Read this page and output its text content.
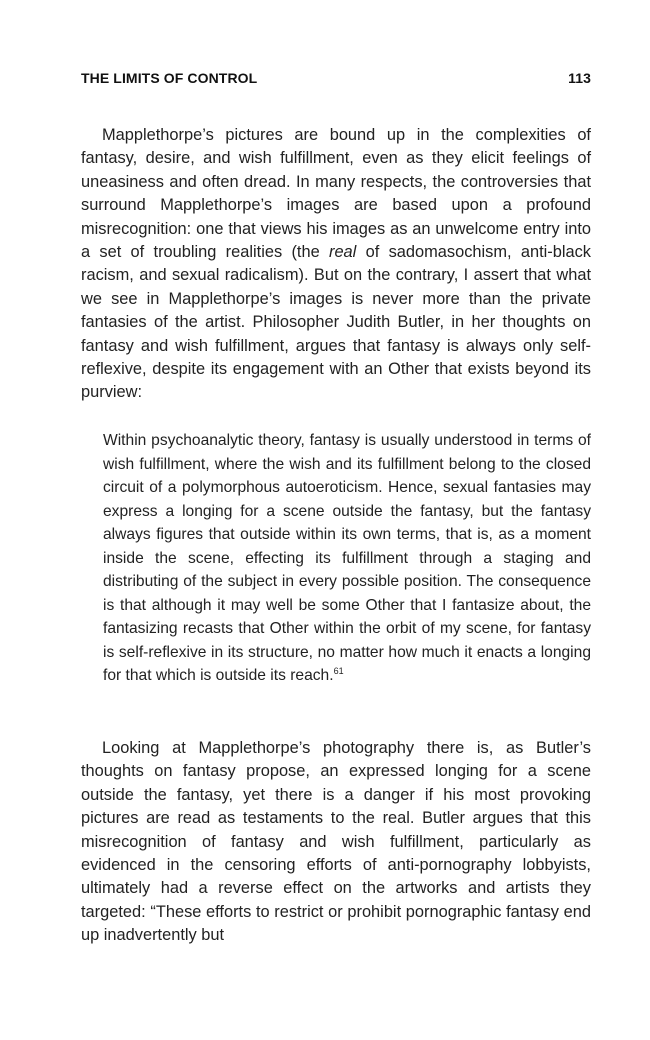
THE LIMITS OF CONTROL	113

Mapplethorpe’s pictures are bound up in the complexities of fantasy, desire, and wish fulfillment, even as they elicit feelings of uneasiness and often dread. In many respects, the controversies that surround Mapplethorpe’s images are based upon a profound misrecognition: one that views his images as an unwelcome entry into a set of troubling realities (the real of sadomasochism, anti-black racism, and sexual radicalism). But on the contrary, I assert that what we see in Mapplethorpe’s images is never more than the private fantasies of the artist. Philosopher Judith Butler, in her thoughts on fantasy and wish fulfillment, argues that fantasy is always only self-reflexive, despite its engagement with an Other that exists beyond its purview:

Within psychoanalytic theory, fantasy is usually understood in terms of wish fulfillment, where the wish and its fulfillment belong to the closed circuit of a polymorphous autoeroticism. Hence, sexual fantasies may express a longing for a scene outside the fantasy, but the fantasy always figures that outside within its own terms, that is, as a moment inside the scene, effecting its fulfillment through a staging and distributing of the subject in every possible position. The consequence is that although it may well be some Other that I fantasize about, the fantasizing recasts that Other within the orbit of my scene, for fantasy is self-reflexive in its structure, no matter how much it enacts a longing for that which is outside its reach.$^{61}$

Looking at Mapplethorpe’s photography there is, as Butler’s thoughts on fantasy propose, an expressed longing for a scene outside the fantasy, yet there is a danger if his most provoking pictures are read as testaments to the real. Butler argues that this misrecognition of fantasy and wish fulfillment, particularly as evidenced in the censoring efforts of anti-pornography lobbyists, ultimately had a reverse effect on the artworks and artists they targeted: “These efforts to restrict or prohibit pornographic fantasy end up inadvertently but
